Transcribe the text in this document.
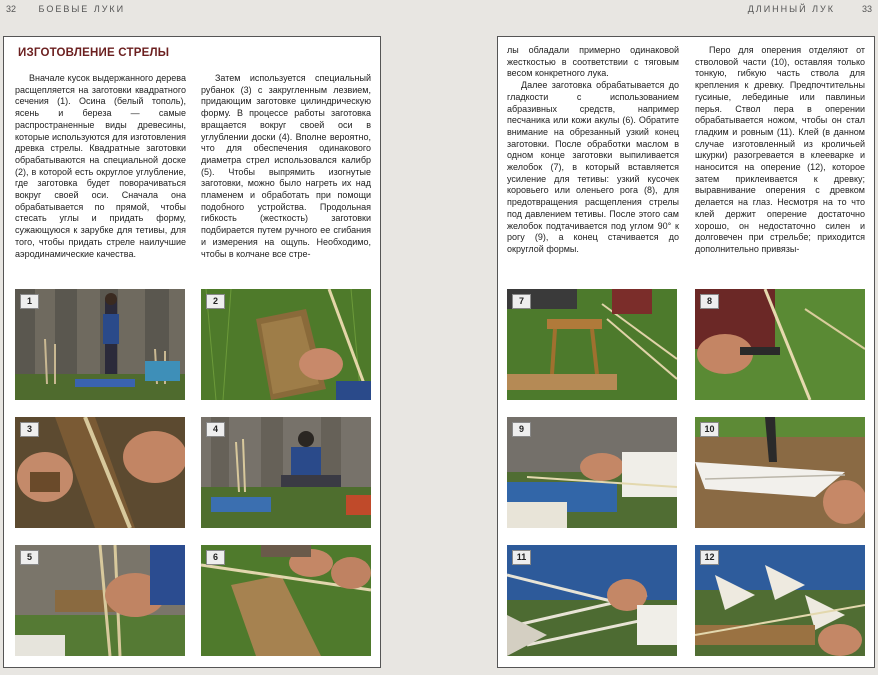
32	БОЕВЫЕ ЛУКИ	ДЛИННЫЙ ЛУК	33
ИЗГОТОВЛЕНИЕ СТРЕЛЫ

Вначале кусок выдержанного дерева расщепляется на заготовки квадратного сечения (1). Осина (белый тополь), ясень и береза — самые распространенные виды древесины, которые используются для изготовления древка стрелы. Квадратные заготовки обрабатываются на специальной доске (2), в которой есть округлое углубление, где заготовка будет поворачиваться вокруг своей оси. Сначала она обрабатывается по прямой, чтобы стесать углы и придать форму, сужающуюся к зарубке для тетивы, для того, чтобы придать стреле наилучшие аэродинамические качества.

Затем используется специальный рубанок (3) с закругленным лезвием, придающим заготовке цилиндрическую форму. В процессе работы заготовка вращается вокруг своей оси в углублении доски (4). Вполне вероятно, что для обеспечения одинакового диаметра стрел использовался калибр (5). Чтобы выпрямить изогнутые заготовки, можно было нагреть их над пламенем и обработать при помощи подобного устройства. Продольная гибкость (жесткость) заготовки подбирается путем ручного ее сгибания и измерения на ощупь. Необходимо, чтобы в колчане все стре-

1	2
3	4
5	6

лы обладали примерно одинаковой жесткостью в соответствии с тяговым весом конкретного лука.

Далее заготовка обрабатывается до гладкости с использованием абразивных средств, например песчаника или кожи акулы (6). Обратите внимание на обрезанный узкий конец заготовки. После обработки маслом в одном конце заготовки выпиливается желобок (7), в который вставляется усиление для тетивы: узкий кусочек коровьего или оленьего рога (8), для предотвращения расщепления стрелы под давлением тетивы. После этого сам желобок подтачивается под углом 90° к рогу (9), а конец стачивается до округлой формы.

Перо для оперения отделяют от стволовой части (10), оставляя только тонкую, гибкую часть ствола для крепления к древку. Предпочтительны гусиные, лебединые или павлиньи перья. Ствол пера в оперении обрабатывается ножом, чтобы он стал гладким и ровным (11). Клей (в данном случае изготовленный из кроличьей шкурки) разогревается в клееварке и наносится на оперение (12), которое затем приклеивается к древку; выравнивание оперения с древком делается на глаз. Несмотря на то что клей держит оперение достаточно хорошо, он недостаточно силен и долговечен при стрельбе; приходится дополнительно привязы-

7	8
9	10
11	12
